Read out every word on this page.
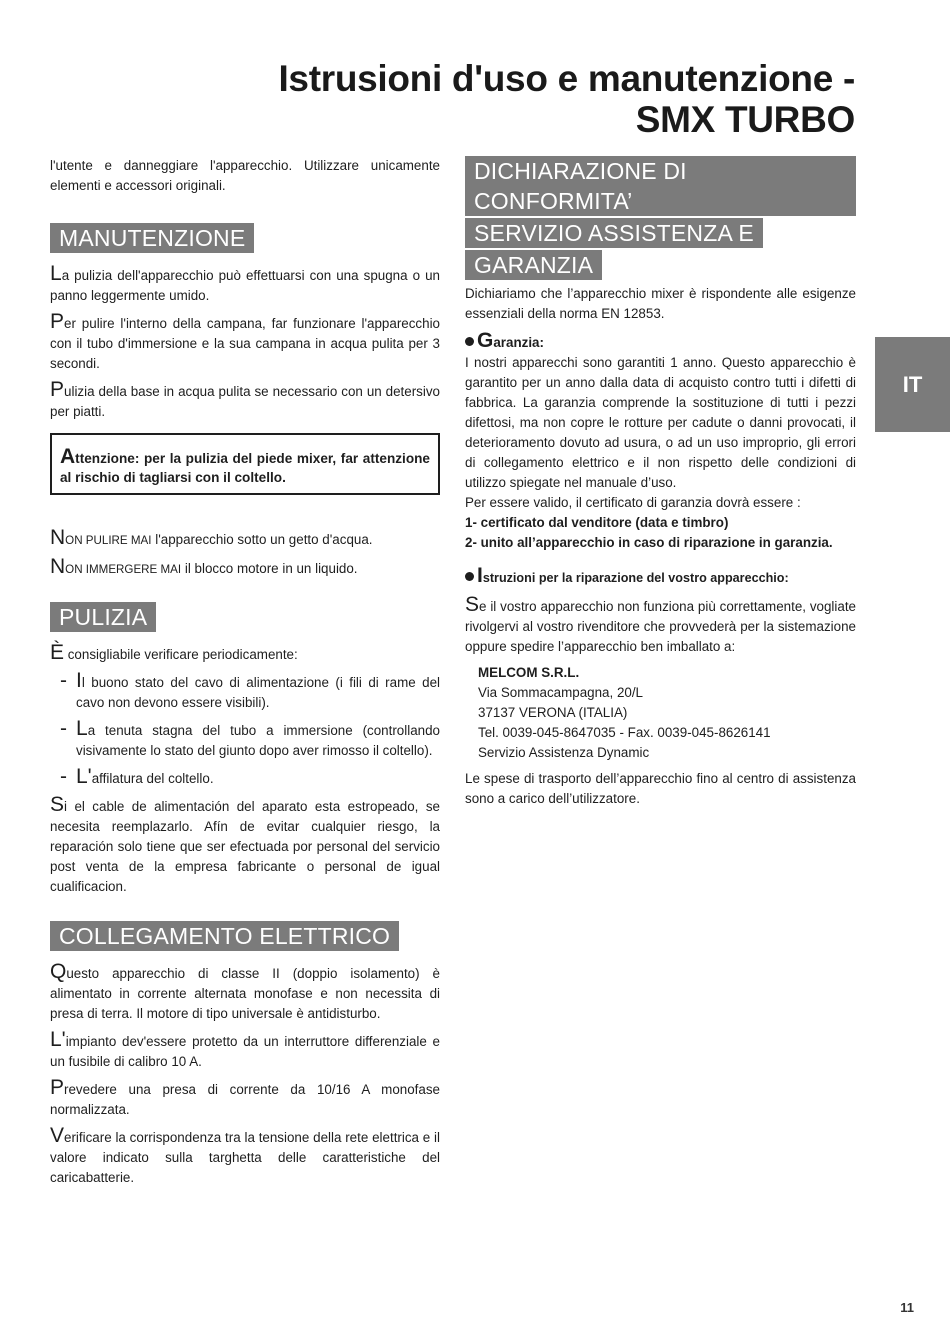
Istrusioni d'uso e manutenzione -
SMX TURBO
IT

l'utente e danneggiare l'apparecchio. Utilizzare unicamente elementi e accessori originali.

MANUTENZIONE

La pulizia dell'apparecchio può effettuarsi con una spugna o un panno leggermente umido.

Per pulire l'interno della campana, far funzionare l'apparecchio con il tubo d'immersione e la sua campana in acqua pulita per 3 secondi.

Pulizia della base in acqua pulita se necessario con un detersivo per piatti.

Attenzione: per la pulizia del piede mixer, far attenzione al rischio di tagliarsi con il coltello.

NON PULIRE MAI l'apparecchio sotto un getto d'acqua.

NON IMMERGERE MAI il blocco motore in un liquido.

PULIZIA

È consigliabile verificare periodicamente:

- Il buono stato del cavo di alimentazione (i fili di rame del cavo non devono essere visibili).

- La tenuta stagna del tubo a immersione (controllando visivamente lo stato del giunto dopo aver rimosso il coltello).

- L'affilatura del coltello.

Si el cable de alimentación del aparato esta estropeado, se necesita reemplazarlo. Afín de evitar cualquier riesgo, la reparación solo tiene que ser efectuada por personal del servicio post venta de la empresa fabricante o personal de igual cualificacion.

COLLEGAMENTO ELETTRICO

Questo apparecchio di classe II (doppio isolamento) è alimentato in corrente alternata monofase e non necessita di presa di terra. Il motore di tipo universale è antidisturbo.

L'impianto dev'essere protetto da un interruttore differenziale e un fusibile di calibro 10 A.

Prevedere una presa di corrente da 10/16 A monofase normalizzata.

Verificare la corrispondenza tra la tensione della rete elettrica e il valore indicato sulla targhetta delle caratteristiche del caricabatterie.

DICHIARAZIONE DI CONFORMITA’
SERVIZIO ASSISTENZA E
GARANZIA

Dichiariamo che l’apparecchio mixer è rispondente alle esigenze essenziali della norma EN 12853.

Garanzia:

I nostri apparecchi sono garantiti 1 anno. Questo apparecchio è garantito per un anno dalla data di acquisto contro tutti i difetti di fabbrica. La garanzia comprende la sostituzione di tutti i pezzi difettosi, ma non copre le rotture per cadute o danni provocati, il deterioramento dovuto ad usura, o ad un uso improprio, gli errori di collegamento elettrico e il non rispetto delle condizioni di utilizzo spiegate nel manuale d’uso.

Per essere valido, il certificato di garanzia dovrà essere :

1- certificato dal venditore (data e timbro)

2- unito all’apparecchio in caso di riparazione in garanzia.

Istruzioni per la riparazione del vostro apparecchio:

Se il vostro apparecchio non funziona più correttamente, vogliate rivolgervi al vostro rivenditore che provvederà per la sistemazione oppure spedire l’apparecchio ben imballato a:

MELCOM S.R.L.
Via Sommacampagna, 20/L
37137 VERONA (ITALIA)
Tel. 0039-045-8647035 - Fax. 0039-045-8626141
Servizio Assistenza Dynamic

Le spese di trasporto dell’apparecchio fino al centro di assistenza sono a carico dell’utilizzatore.

11
